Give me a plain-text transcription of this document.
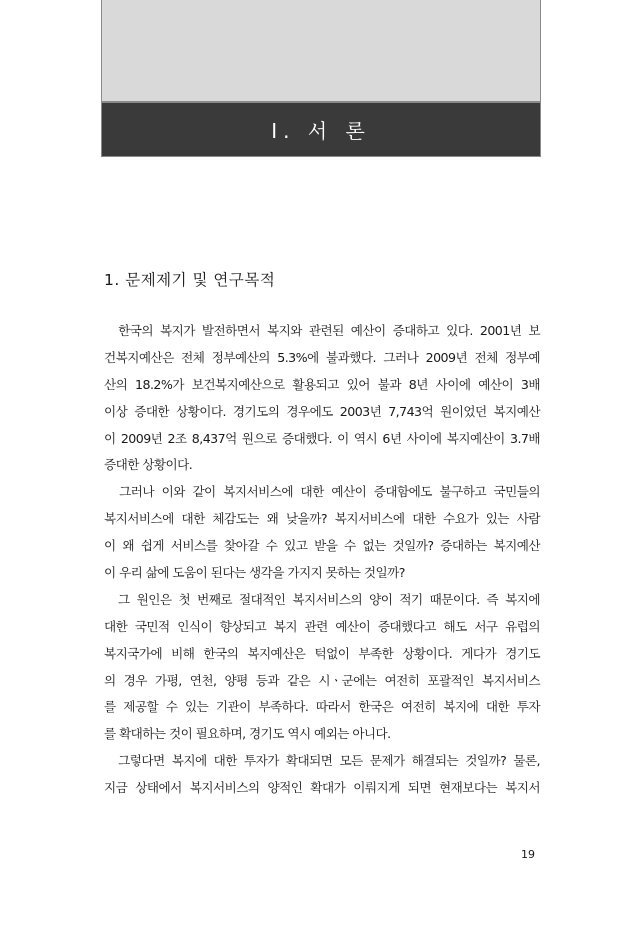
Ⅰ. 서 론
1. 문제제기 및 연구목적
한국의 복지가 발전하면서 복지와 관련된 예산이 증대하고 있다. 2001년 보
건복지예산은 전체 정부예산의 5.3%에 불과했다. 그러나 2009년 전체 정부예
산의 18.2%가 보건복지예산으로 활용되고 있어 불과 8년 사이에 예산이 3배
이상 증대한 상황이다. 경기도의 경우에도 2003년 7,743억 원이었던 복지예산
이 2009년 2조 8,437억 원으로 증대했다. 이 역시 6년 사이에 복지예산이 3.7배
증대한 상황이다.
그러나 이와 같이 복지서비스에 대한 예산이 증대함에도 불구하고 국민들의
복지서비스에 대한 체감도는 왜 낮을까? 복지서비스에 대한 수요가 있는 사람
이 왜 쉽게 서비스를 찾아갈 수 있고 받을 수 없는 것일까? 증대하는 복지예산
이 우리 삶에 도움이 된다는 생각을 가지지 못하는 것일까?
그 원인은 첫 번째로 절대적인 복지서비스의 양이 적기 때문이다. 즉 복지에
대한 국민적 인식이 향상되고 복지 관련 예산이 증대했다고 해도 서구 유럽의
복지국가에 비해 한국의 복지예산은 턱없이 부족한 상황이다. 게다가 경기도
의 경우 가평, 연천, 양평 등과 같은 시ㆍ군에는 여전히 포괄적인 복지서비스
를 제공할 수 있는 기관이 부족하다. 따라서 한국은 여전히 복지에 대한 투자
를 확대하는 것이 필요하며, 경기도 역시 예외는 아니다.
그렇다면 복지에 대한 투자가 확대되면 모든 문제가 해결되는 것일까? 물론,
지금 상태에서 복지서비스의 양적인 확대가 이뤄지게 되면 현재보다는 복지서
19
